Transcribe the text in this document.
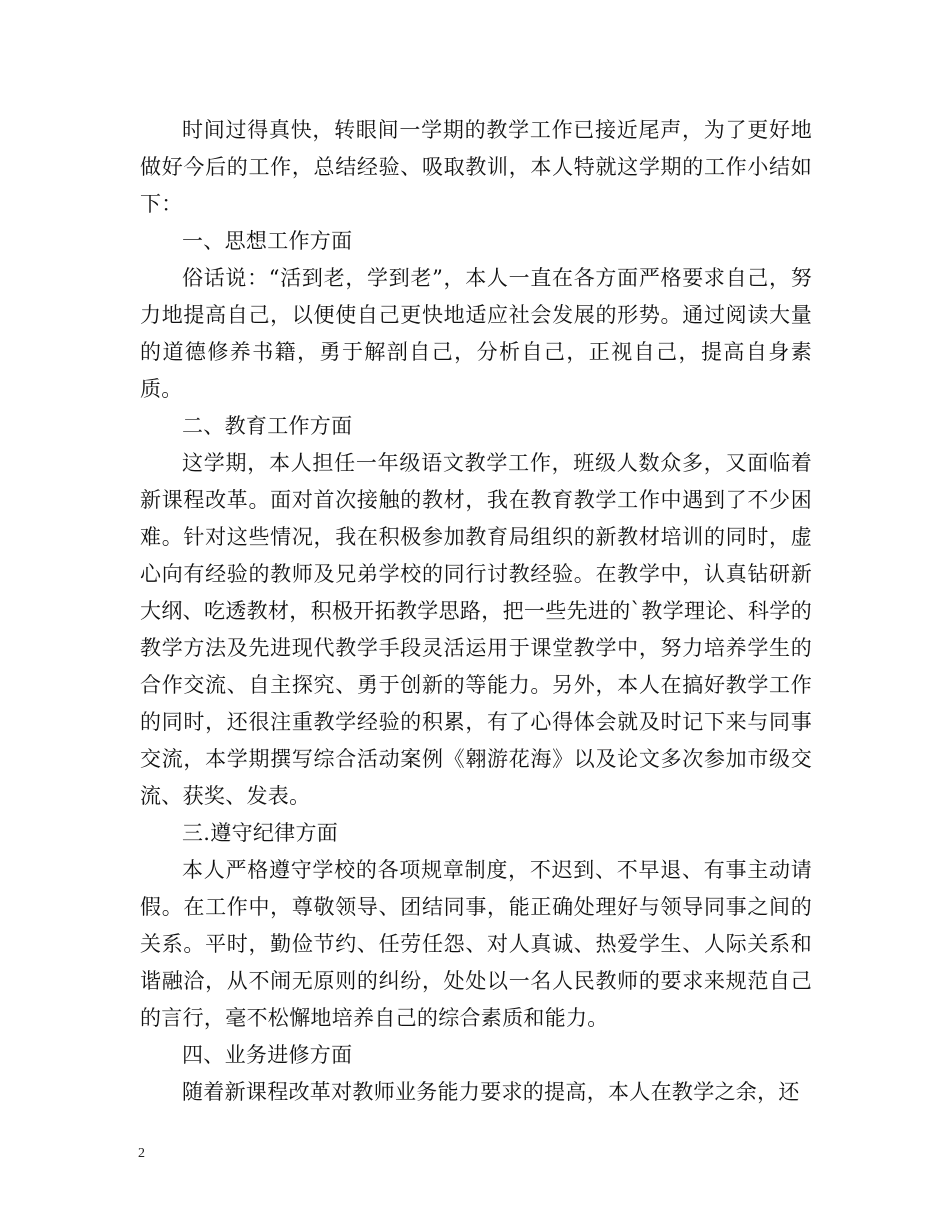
时间过得真快，转眼间一学期的教学工作已接近尾声，为了更好地做好今后的工作，总结经验、吸取教训，本人特就这学期的工作小结如下：

一、思想工作方面

俗话说：“活到老，学到老”，本人一直在各方面严格要求自己，努力地提高自己，以便使自己更快地适应社会发展的形势。通过阅读大量的道德修养书籍，勇于解剖自己，分析自己，正视自己，提高自身素质。

二、教育工作方面

这学期，本人担任一年级语文教学工作，班级人数众多，又面临着新课程改革。面对首次接触的教材，我在教育教学工作中遇到了不少困难。针对这些情况，我在积极参加教育局组织的新教材培训的同时，虚心向有经验的教师及兄弟学校的同行讨教经验。在教学中，认真钻研新大纲、吃透教材，积极开拓教学思路，把一些先进的`教学理论、科学的教学方法及先进现代教学手段灵活运用于课堂教学中，努力培养学生的合作交流、自主探究、勇于创新的等能力。另外，本人在搞好教学工作的同时，还很注重教学经验的积累，有了心得体会就及时记下来与同事交流，本学期撰写综合活动案例《翱游花海》以及论文多次参加市级交流、获奖、发表。

三.遵守纪律方面

本人严格遵守学校的各项规章制度，不迟到、不早退、有事主动请假。在工作中，尊敬领导、团结同事，能正确处理好与领导同事之间的关系。平时，勤俭节约、任劳任怨、对人真诚、热爱学生、人际关系和谐融洽，从不闹无原则的纠纷，处处以一名人民教师的要求来规范自己的言行，毫不松懈地培养自己的综合素质和能力。

四、业务进修方面

随着新课程改革对教师业务能力要求的提高，本人在教学之余，还

2
